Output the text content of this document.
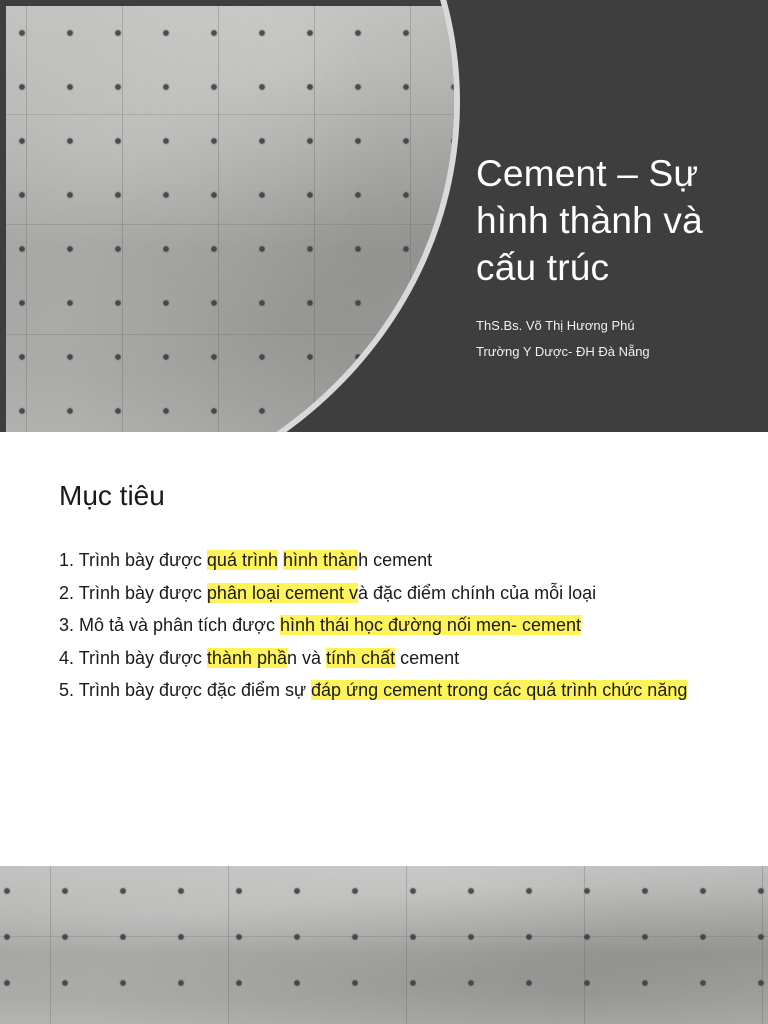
Cement – Sự
hình thành và
cấu trúc
ThS.Bs. Võ Thị Hương Phú
Trường Y Dược- ĐH Đà Nẵng
Mục tiêu
1. Trình bày được quá trình hình thành cement
2. Trình bày được phân loại cement và đặc điểm chính của mỗi loại
3. Mô tả và phân tích được hình thái học đường nối men- cement
4. Trình bày được thành phần và tính chất cement
5. Trình bày được đặc điểm sự đáp ứng cement trong các quá trình chức năng
